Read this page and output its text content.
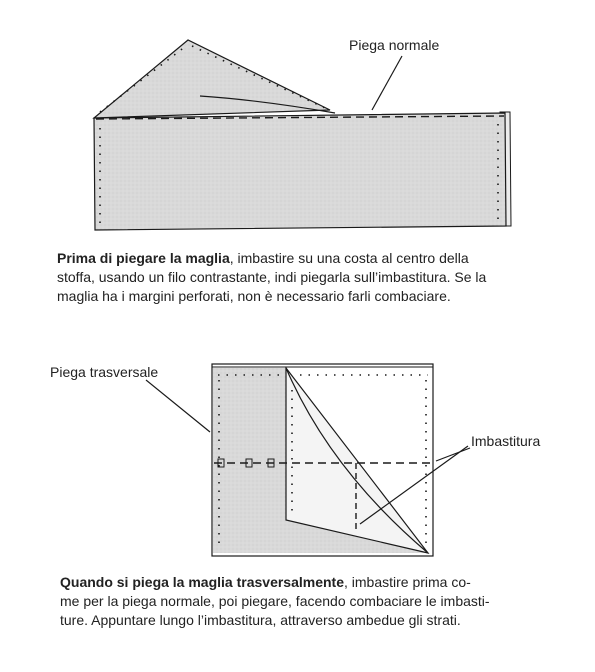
Piega normale
Prima di piegare la maglia, imbastire su una costa al centro della
stoffa, usando un filo contrastante, indi piegarla sull’imbastitura. Se la
maglia ha i margini perforati, non è necessario farli combaciare.
Piega trasversale
Imbastitura
Quando si piega la maglia trasversalmente, imbastire prima co-
me per la piega normale, poi piegare, facendo combaciare le imbasti-
ture. Appuntare lungo l’imbastitura, attraverso ambedue gli strati.
